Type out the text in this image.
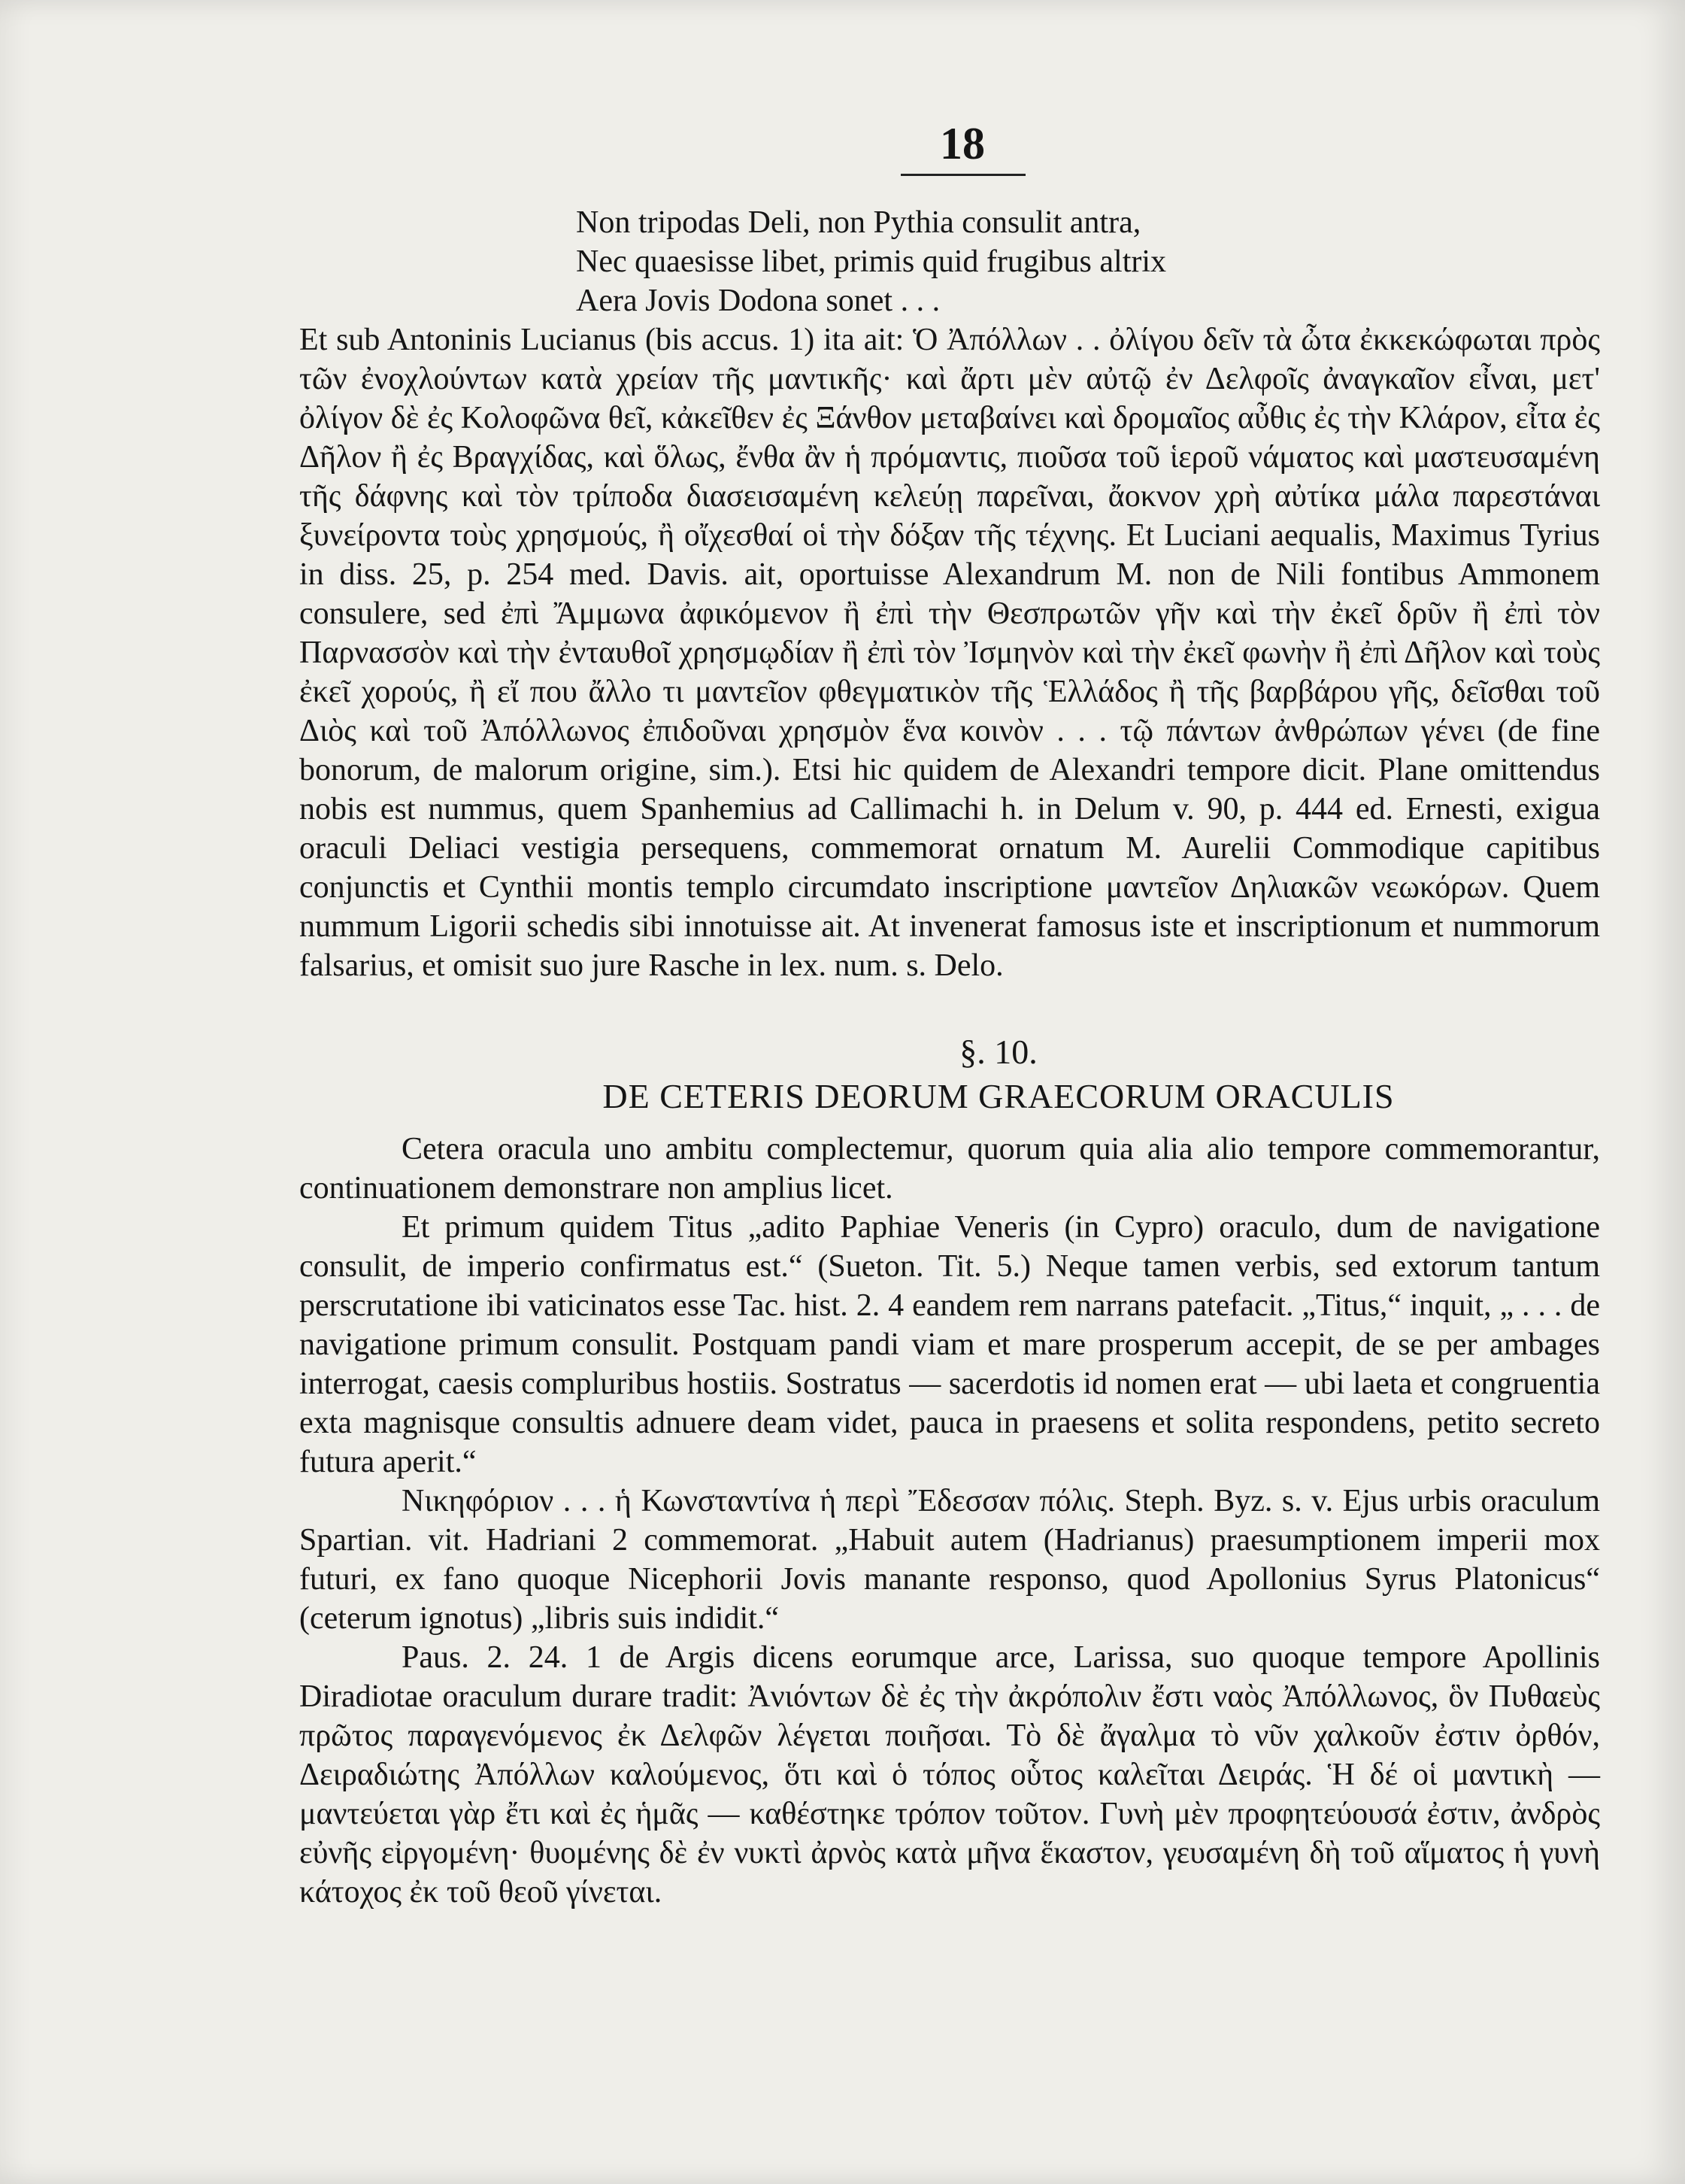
18
Non tripodas Deli, non Pythia consulit antra,
Nec quaesisse libet, primis quid frugibus altrix
Aera Jovis Dodona sonet . . .

Et sub Antoninis Lucianus (bis accus. 1) ita ait: Ὁ Ἀπόλλων . . ὀλίγου δεῖν τὰ ὦτα ἐκκεκώφωται πρὸς τῶν ἐνοχλούντων κατὰ χρείαν τῆς μαντικῆς· καὶ ἄρτι μὲν αὐτῷ ἐν Δελφοῖς ἀναγκαῖον εἶναι, μετ' ὀλίγον δὲ ἐς Κολοφῶνα θεῖ, κἀκεῖθεν ἐς Ξάνθον μεταβαίνει καὶ δρομαῖος αὖθις ἐς τὴν Κλάρον, εἶτα ἐς Δῆλον ἢ ἐς Βραγχίδας, καὶ ὅλως, ἔνθα ἂν ἡ πρόμαντις, πιοῦσα τοῦ ἱεροῦ νάματος καὶ μαστευσαμένη τῆς δάφνης καὶ τὸν τρίποδα διασεισαμένη κελεύῃ παρεῖναι, ἄοκνον χρὴ αὐτίκα μάλα παρεστάναι ξυνείροντα τοὺς χρησμούς, ἢ οἴχεσθαί οἱ τὴν δόξαν τῆς τέχνης. Et Luciani aequalis, Maximus Tyrius in diss. 25, p. 254 med. Davis. ait, oportuisse Alexandrum M. non de Nili fontibus Ammonem consulere, sed ἐπὶ Ἄμμωνα ἀφικόμενον ἢ ἐπὶ τὴν Θεσπρωτῶν γῆν καὶ τὴν ἐκεῖ δρῦν ἢ ἐπὶ τὸν Παρνασσὸν καὶ τὴν ἐνταυθοῖ χρησμῳδίαν ἢ ἐπὶ τὸν Ἰσμηνὸν καὶ τὴν ἐκεῖ φωνὴν ἢ ἐπὶ Δῆλον καὶ τοὺς ἐκεῖ χορούς, ἢ εἴ που ἄλλο τι μαντεῖον φθεγματικὸν τῆς Ἑλλάδος ἢ τῆς βαρβάρου γῆς, δεῖσθαι τοῦ Διὸς καὶ τοῦ Ἀπόλλωνος ἐπιδοῦναι χρησμὸν ἕνα κοινὸν . . . τῷ πάντων ἀνθρώπων γένει (de fine bonorum, de malorum origine, sim.). Etsi hic quidem de Alexandri tempore dicit. Plane omittendus nobis est nummus, quem Spanhemius ad Callimachi h. in Delum v. 90, p. 444 ed. Ernesti, exigua oraculi Deliaci vestigia persequens, commemorat ornatum M. Aurelii Commodique capitibus conjunctis et Cynthii montis templo circumdato inscriptione μαντεῖον Δηλιακῶν νεωκόρων. Quem nummum Ligorii schedis sibi innotuisse ait. At invenerat famosus iste et inscriptionum et nummorum falsarius, et omisit suo jure Rasche in lex. num. s. Delo.

§. 10.
DE CETERIS DEORUM GRAECORUM ORACULIS

Cetera oracula uno ambitu complectemur, quorum quia alia alio tempore commemorantur, continuationem demonstrare non amplius licet.

Et primum quidem Titus „adito Paphiae Veneris (in Cypro) oraculo, dum de navigatione consulit, de imperio confirmatus est.“ (Sueton. Tit. 5.) Neque tamen verbis, sed extorum tantum perscrutatione ibi vaticinatos esse Tac. hist. 2. 4 eandem rem narrans patefacit. „Titus,“ inquit, „ . . . de navigatione primum consulit. Postquam pandi viam et mare prosperum accepit, de se per ambages interrogat, caesis compluribus hostiis. Sostratus — sacerdotis id nomen erat — ubi laeta et congruentia exta magnisque consultis adnuere deam videt, pauca in praesens et solita respondens, petito secreto futura aperit.“

Νικηφόριον . . . ἡ Κωνσταντίνα ἡ περὶ Ἔδεσσαν πόλις. Steph. Byz. s. v. Ejus urbis oraculum Spartian. vit. Hadriani 2 commemorat. „Habuit autem (Hadrianus) praesumptionem imperii mox futuri, ex fano quoque Nicephorii Jovis manante responso, quod Apollonius Syrus Platonicus“ (ceterum ignotus) „libris suis indidit.“

Paus. 2. 24. 1 de Argis dicens eorumque arce, Larissa, suo quoque tempore Apollinis Diradiotae oraculum durare tradit: Ἀνιόντων δὲ ἐς τὴν ἀκρόπολιν ἔστι ναὸς Ἀπόλλωνος, ὃν Πυθαεὺς πρῶτος παραγενόμενος ἐκ Δελφῶν λέγεται ποιῆσαι. Τὸ δὲ ἄγαλμα τὸ νῦν χαλκοῦν ἐστιν ὀρθόν, Δειραδιώτης Ἀπόλλων καλούμενος, ὅτι καὶ ὁ τόπος οὗτος καλεῖται Δειράς. Ἡ δέ οἱ μαντικὴ — μαντεύεται γὰρ ἔτι καὶ ἐς ἡμᾶς — καθέστηκε τρόπον τοῦτον. Γυνὴ μὲν προφητεύουσά ἐστιν, ἀνδρὸς εὐνῆς εἰργομένη· θυομένης δὲ ἐν νυκτὶ ἀρνὸς κατὰ μῆνα ἕκαστον, γευσαμένη δὴ τοῦ αἵματος ἡ γυνὴ κάτοχος ἐκ τοῦ θεοῦ γίνεται.
